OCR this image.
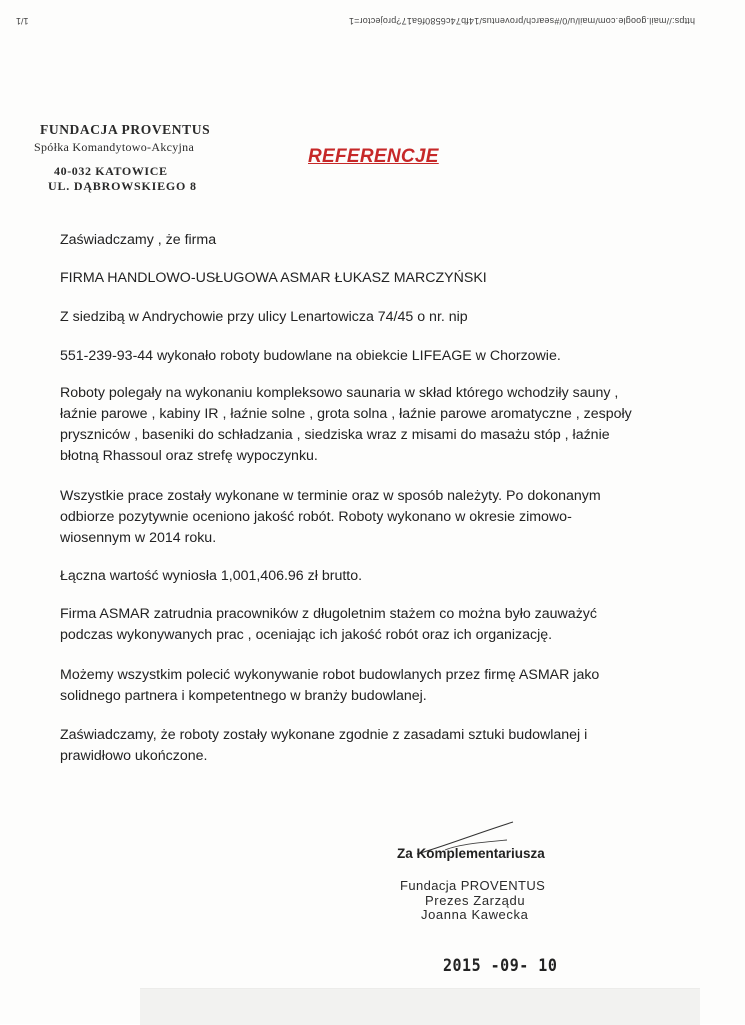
https://mail.google.com/mail/u/0/#search/proventus/14fb74c6580f6a17?projector=1
1/1
FUNDACJA PROVENTUS
Spółka Komandytowo-Akcyjna
40-032 KATOWICE
UL. DĄBROWSKIEGO 8
REFERENCJE

Zaświadczamy , że firma

FIRMA HANDLOWO-USŁUGOWA ASMAR ŁUKASZ MARCZYŃSKI

Z siedzibą w Andrychowie przy ulicy Lenartowicza 74/45 o nr. nip

551-239-93-44 wykonało roboty budowlane na obiekcie LIFEAGE w Chorzowie.

Roboty polegały na wykonaniu kompleksowo saunaria w skład którego wchodziły sauny ,

łaźnie parowe , kabiny IR , łaźnie solne , grota solna , łaźnie parowe aromatyczne , zespoły

pryszniców , baseniki do schładzania , siedziska wraz z misami do masażu stóp , łaźnie

błotną Rhassoul oraz strefę wypoczynku.

Wszystkie prace zostały wykonane w terminie oraz w sposób należyty. Po dokonanym

odbiorze pozytywnie oceniono jakość robót. Roboty wykonano w okresie zimowo-

wiosennym w 2014 roku.

Łączna wartość wyniosła 1,001,406.96 zł brutto.

Firma ASMAR zatrudnia pracowników z długoletnim stażem co można było zauważyć

podczas wykonywanych prac , oceniając ich jakość robót oraz ich organizację.

Możemy wszystkim polecić wykonywanie robot budowlanych przez firmę ASMAR jako

solidnego partnera i kompetentnego w branży budowlanej.

Zaświadczamy, że roboty zostały wykonane zgodnie z zasadami sztuki budowlanej i

prawidłowo ukończone.

Za Komplementariusza
Fundacja PROVENTUS
Prezes Zarządu
Joanna Kawecka
2015 -09- 10
